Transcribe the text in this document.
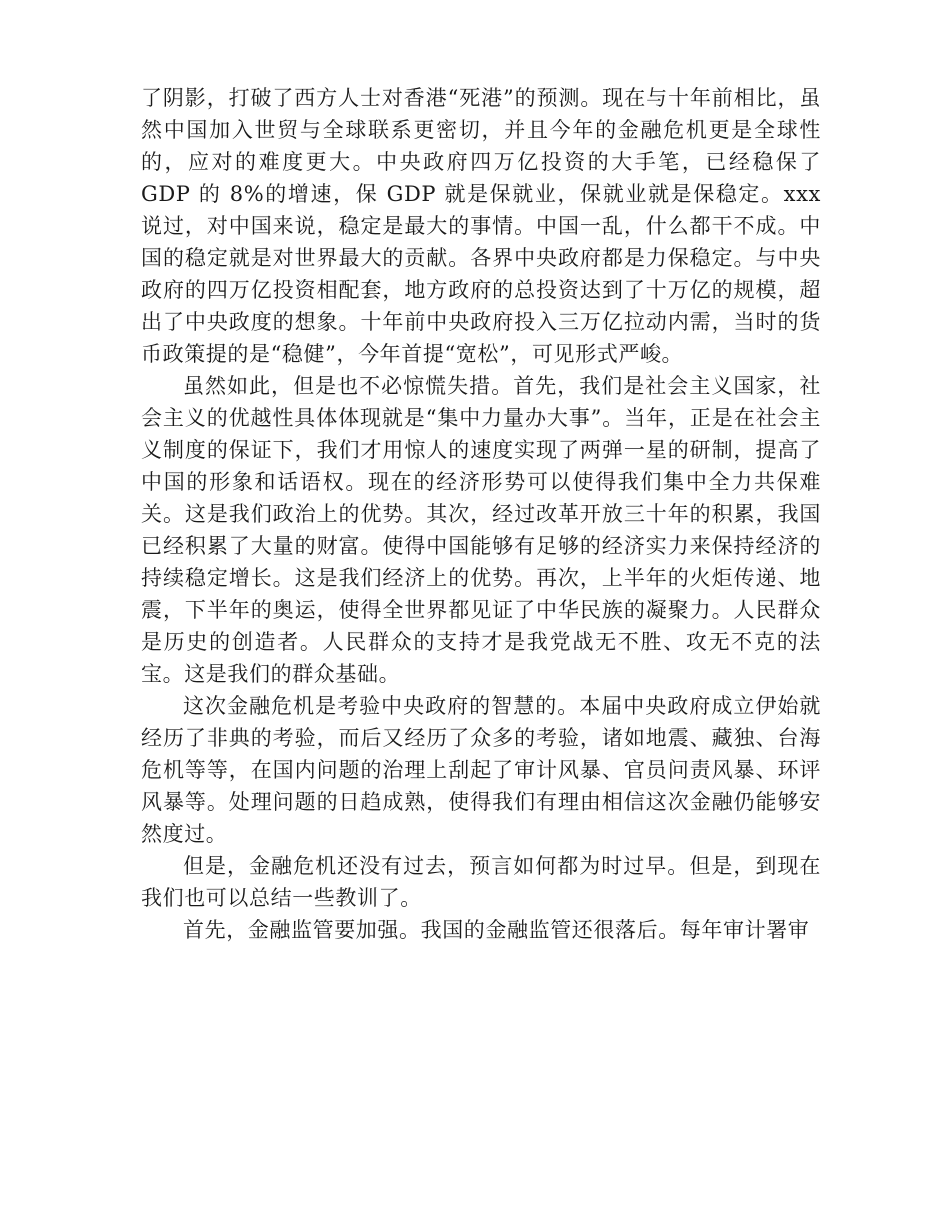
了阴影，打破了西方人士对香港“死港”的预测。现在与十年前相比，虽然中国加入世贸与全球联系更密切，并且今年的金融危机更是全球性的，应对的难度更大。中央政府四万亿投资的大手笔，已经稳保了 GDP 的 8%的增速，保 GDP 就是保就业，保就业就是保稳定。xxx 说过，对中国来说，稳定是最大的事情。中国一乱，什么都干不成。中国的稳定就是对世界最大的贡献。各界中央政府都是力保稳定。与中央政府的四万亿投资相配套，地方政府的总投资达到了十万亿的规模，超出了中央政度的想象。十年前中央政府投入三万亿拉动内需，当时的货币政策提的是“稳健”，今年首提“宽松”，可见形式严峻。

虽然如此，但是也不必惊慌失措。首先，我们是社会主义国家，社会主义的优越性具体体现就是“集中力量办大事”。当年，正是在社会主义制度的保证下，我们才用惊人的速度实现了两弹一星的研制，提高了中国的形象和话语权。现在的经济形势可以使得我们集中全力共保难关。这是我们政治上的优势。其次，经过改革开放三十年的积累，我国已经积累了大量的财富。使得中国能够有足够的经济实力来保持经济的持续稳定增长。这是我们经济上的优势。再次，上半年的火炬传递、地震，下半年的奥运，使得全世界都见证了中华民族的凝聚力。人民群众是历史的创造者。人民群众的支持才是我党战无不胜、攻无不克的法宝。这是我们的群众基础。

这次金融危机是考验中央政府的智慧的。本届中央政府成立伊始就经历了非典的考验，而后又经历了众多的考验，诸如地震、藏独、台海危机等等，在国内问题的治理上刮起了审计风暴、官员问责风暴、环评风暴等。处理问题的日趋成熟，使得我们有理由相信这次金融仍能够安然度过。

但是，金融危机还没有过去，预言如何都为时过早。但是，到现在我们也可以总结一些教训了。

首先，金融监管要加强。我国的金融监管还很落后。每年审计署审
